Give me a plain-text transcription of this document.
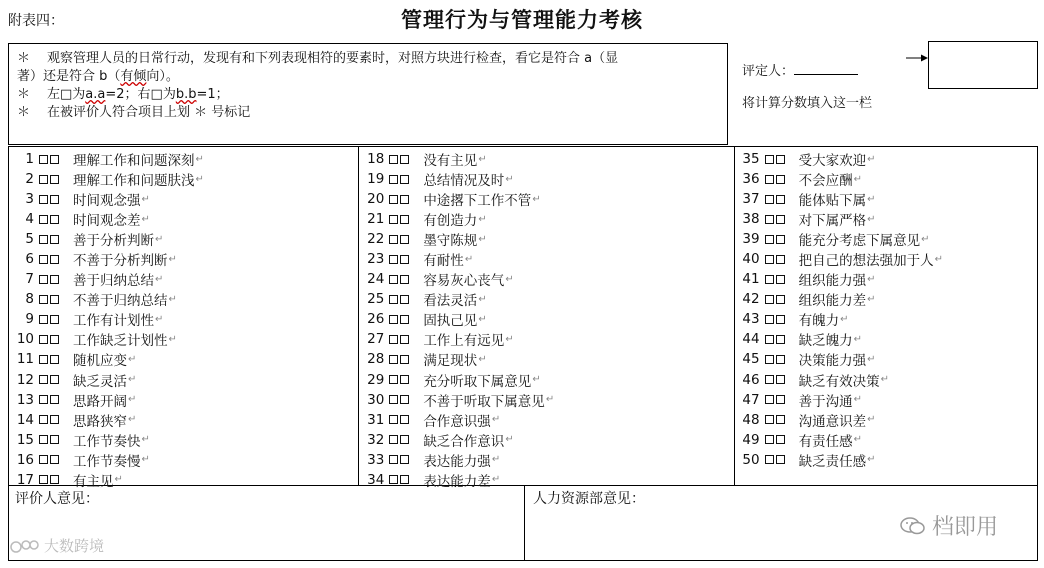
附表四：	管理行为与管理能力考核
＊	观察管理人员的日常行动，发现有和下列表现相符的要素时，对照方块进行检查，看它是符合 a（显
著）还是符合 b（ 有倾 向）。
＊	左□为 a.a =2；右□为 b.b =1；
＊	在被评价人符合项目上划 ＊ 号标记
评定人：
将计算分数填入这一栏
1	理解工作和问题深刻 ↵
2	理解工作和问题肤浅 ↵
3	时间观念强 ↵
4	时间观念差 ↵
5	善于分析判断 ↵
6	不善于分析判断 ↵
7	善于归纳总结 ↵
8	不善于归纳总结 ↵
9	工作有计划性 ↵
10	工作缺乏计划性 ↵
11	随机应变 ↵
12	缺乏灵活 ↵
13	思路开阔 ↵
14	思路狭窄 ↵
15	工作节奏快 ↵
16	工作节奏慢 ↵
17	有主见 ↵
18	没有主见 ↵
19	总结情况及时 ↵
20	中途撂下工作不管 ↵
21	有创造力 ↵
22	墨守陈规 ↵
23	有耐性 ↵
24	容易灰心丧气 ↵
25	看法灵活 ↵
26	固执己见 ↵
27	工作上有远见 ↵
28	满足现状 ↵
29	充分听取下属意见 ↵
30	不善于听取下属意见 ↵
31	合作意识强 ↵
32	缺乏合作意识 ↵
33	表达能力强 ↵
34	表达能力差 ↵
35	受大家欢迎 ↵
36	不会应酬 ↵
37	能体贴下属 ↵
38	对下属严格 ↵
39	能充分考虑下属意见 ↵
40	把自己的想法强加于人 ↵
41	组织能力强 ↵
42	组织能力差 ↵
43	有魄力 ↵
44	缺乏魄力 ↵
45	决策能力强 ↵
46	缺乏有效决策 ↵
47	善于沟通 ↵
48	沟通意识差 ↵
49	有责任感 ↵
50	缺乏责任感 ↵
评价人意见：	人力资源部意见：
大数跨境
档即用
